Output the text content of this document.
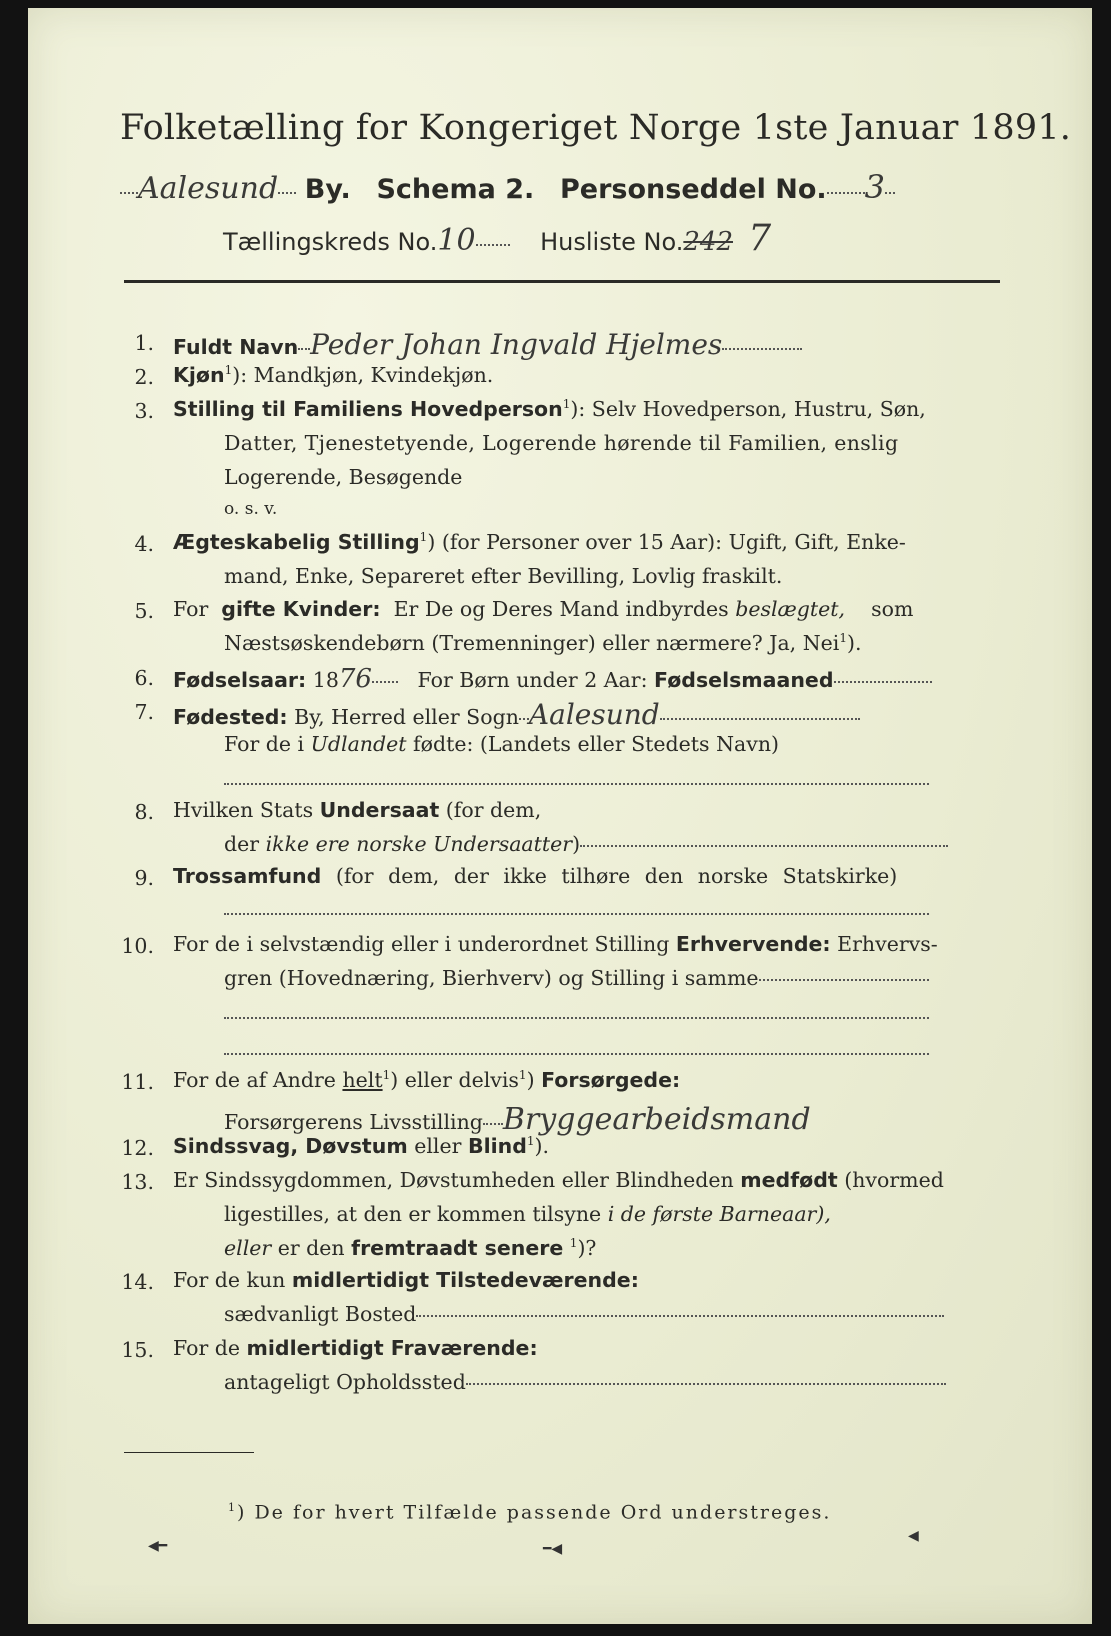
Folketælling for Kongeriget Norge 1ste Januar 1891.
Aalesund By. Schema 2. Personseddel No. 3
Tællingskreds No.10	Husliste No.242 7
1. Fuldt Navn Peder Johan Ingvald Hjelmes
2. Kjøn$^1$): Mandkjøn, Kvindekjøn.
3. Stilling til Familiens Hovedperson$^1$): Selv Hovedperson, Hustru, Søn,
Datter, Tjenestetyende, Logerende hørende til Familien, enslig
Logerende, Besøgende
o. s. v.
4. Ægteskabelig Stilling$^1$) (for Personer over 15 Aar): Ugift, Gift, Enke-
mand, Enke, Separeret efter Bevilling, Lovlig fraskilt.
5. For gifte Kvinder: Er De og Deres Mand indbyrdes beslægtet, som
Næstsøskendebørn (Tremenninger) eller nærmere? Ja, Nei$^1$).
6. Fødselsaar: 1876 For Børn under 2 Aar: Fødselsmaaned
7. Fødested: By, Herred eller Sogn Aalesund
For de i Udlandet fødte: (Landets eller Stedets Navn)
8. Hvilken Stats Undersaat (for dem,
der ikke ere norske Undersaatter)
9. Trossamfund (for dem, der ikke tilhøre den norske Statskirke)
10. For de i selvstændig eller i underordnet Stilling Erhvervende: Erhvervs-
gren (Hovednæring, Bierhverv) og Stilling i samme
11. For de af Andre helt$^1$) eller delvis$^1$) Forsørgede:
Forsørgerens Livsstilling Bryggearbeidsmand
12. Sindssvag, Døvstum eller Blind$^1$).
13. Er Sindssygdommen, Døvstumheden eller Blindheden medfødt (hvormed
ligestilles, at den er kommen tilsyne i de første Barneaar),
eller er den fremtraadt senere $^1$)?
14. For de kun midlertidigt Tilstedeværende:
sædvanligt Bosted
15. For de midlertidigt Fraværende:
antageligt Opholdssted
$^1$) De for hvert Tilfælde passende Ord understreges.
◀━	━◀
◀
